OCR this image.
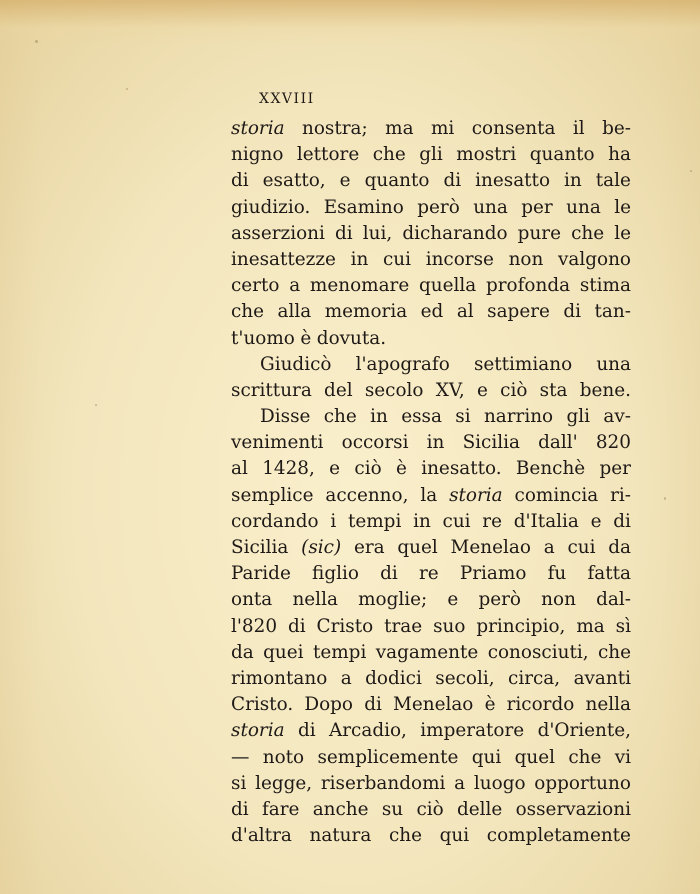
XXVIII
storia nostra; ma mi consenta il be-
nigno lettore che gli mostri quanto ha
di esatto, e quanto di inesatto in tale
giudizio. Esamino però una per una le
asserzioni di lui, dicharando pure che le
inesattezze in cui incorse non valgono
certo a menomare quella profonda stima
che alla memoria ed al sapere di tan-
t'uomo è dovuta.
Giudicò l'apografo settimiano una
scrittura del secolo XV, e ciò sta bene.
Disse che in essa si narrino gli av-
venimenti occorsi in Sicilia dall' 820
al 1428, e ciò è inesatto. Benchè per
semplice accenno, la storia comincia ri-
cordando i tempi in cui re d'Italia e di
Sicilia (sic) era quel Menelao a cui da
Paride figlio di re Priamo fu fatta
onta nella moglie; e però non dal-
l'820 di Cristo trae suo principio, ma sì
da quei tempi vagamente conosciuti, che
rimontano a dodici secoli, circa, avanti
Cristo. Dopo di Menelao è ricordo nella
storia di Arcadio, imperatore d'Oriente,
— noto semplicemente qui quel che vi
si legge, riserbandomi a luogo opportuno
di fare anche su ciò delle osservazioni
d'altra natura che qui completamente
